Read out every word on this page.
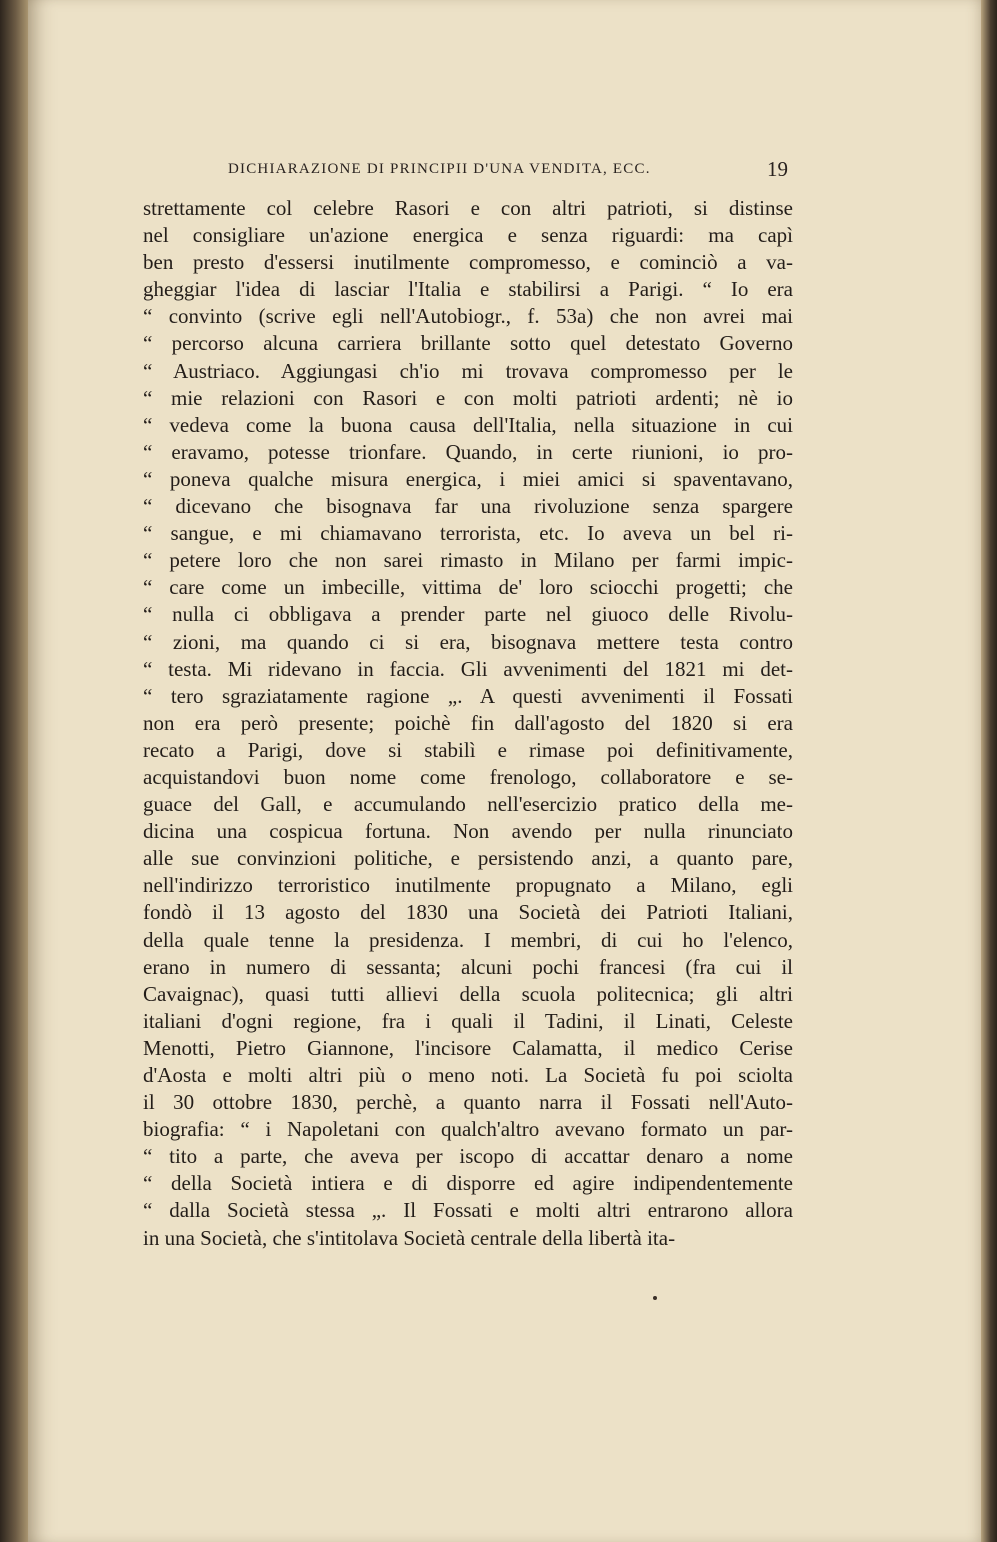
DICHIARAZIONE DI PRINCIPII D'UNA VENDITA, ECC.	19
strettamente col celebre Rasori e con altri patrioti, si distinse
nel consigliare un'azione energica e senza riguardi: ma capì
ben presto d'essersi inutilmente compromesso, e cominciò a va-
gheggiar l'idea di lasciar l'Italia e stabilirsi a Parigi. “ Io era
“ convinto (scrive egli nell'Autobiogr., f. 53a) che non avrei mai
“ percorso alcuna carriera brillante sotto quel detestato Governo
“ Austriaco. Aggiungasi ch'io mi trovava compromesso per le
“ mie relazioni con Rasori e con molti patrioti ardenti; nè io
“ vedeva come la buona causa dell'Italia, nella situazione in cui
“ eravamo, potesse trionfare. Quando, in certe riunioni, io pro-
“ poneva qualche misura energica, i miei amici si spaventavano,
“ dicevano che bisognava far una rivoluzione senza spargere
“ sangue, e mi chiamavano terrorista, etc. Io aveva un bel ri-
“ petere loro che non sarei rimasto in Milano per farmi impic-
“ care come un imbecille, vittima de' loro sciocchi progetti; che
“ nulla ci obbligava a prender parte nel giuoco delle Rivolu-
“ zioni, ma quando ci si era, bisognava mettere testa contro
“ testa. Mi ridevano in faccia. Gli avvenimenti del 1821 mi det-
“ tero sgraziatamente ragione „. A questi avvenimenti il Fossati
non era però presente; poichè fin dall'agosto del 1820 si era
recato a Parigi, dove si stabilì e rimase poi definitivamente,
acquistandovi buon nome come frenologo, collaboratore e se-
guace del Gall, e accumulando nell'esercizio pratico della me-
dicina una cospicua fortuna. Non avendo per nulla rinunciato
alle sue convinzioni politiche, e persistendo anzi, a quanto pare,
nell'indirizzo terroristico inutilmente propugnato a Milano, egli
fondò il 13 agosto del 1830 una Società dei Patrioti Italiani,
della quale tenne la presidenza. I membri, di cui ho l'elenco,
erano in numero di sessanta; alcuni pochi francesi (fra cui il
Cavaignac), quasi tutti allievi della scuola politecnica; gli altri
italiani d'ogni regione, fra i quali il Tadini, il Linati, Celeste
Menotti, Pietro Giannone, l'incisore Calamatta, il medico Cerise
d'Aosta e molti altri più o meno noti. La Società fu poi sciolta
il 30 ottobre 1830, perchè, a quanto narra il Fossati nell'Auto-
biografia: “ i Napoletani con qualch'altro avevano formato un par-
“ tito a parte, che aveva per iscopo di accattar denaro a nome
“ della Società intiera e di disporre ed agire indipendentemente
“ dalla Società stessa „. Il Fossati e molti altri entrarono allora
in una Società, che s'intitolava Società centrale della libertà ita-
